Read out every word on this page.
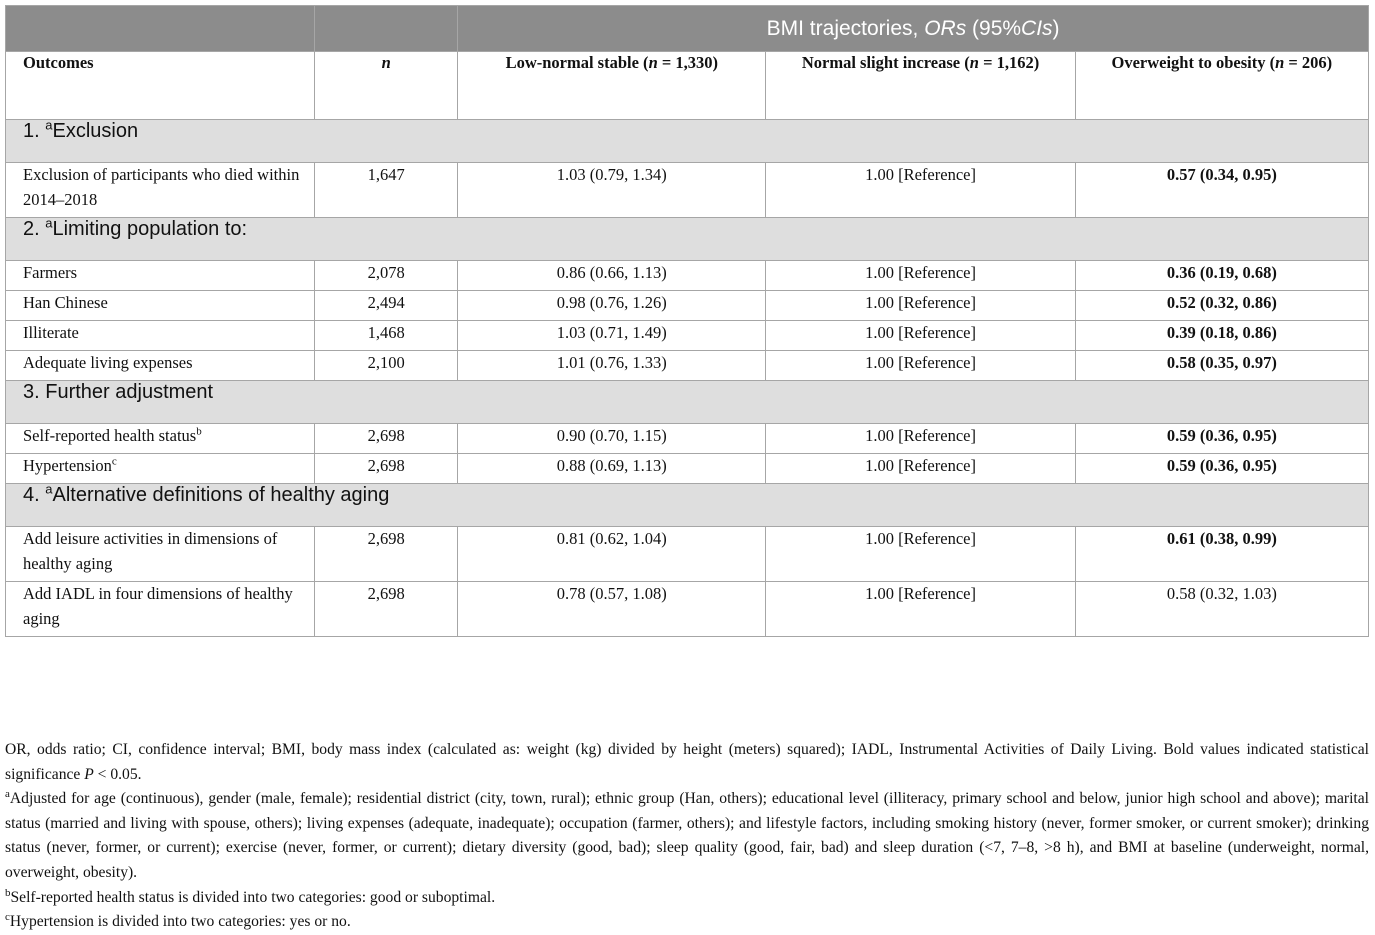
		BMI trajectories, ORs (95%CIs)		
Outcomes	n	Low-normal stable (n = 1,330)	Normal slight increase (n = 1,162)	Overweight to obesity (n = 206)
1. $^a$Exclusion				
Exclusion of participants who died within 2014–2018	1,647	1.03 (0.79, 1.34)	1.00 [Reference]	0.57 (0.34, 0.95)
2. $^a$Limiting population to:				
Farmers	2,078	0.86 (0.66, 1.13)	1.00 [Reference]	0.36 (0.19, 0.68)
Han Chinese	2,494	0.98 (0.76, 1.26)	1.00 [Reference]	0.52 (0.32, 0.86)
Illiterate	1,468	1.03 (0.71, 1.49)	1.00 [Reference]	0.39 (0.18, 0.86)
Adequate living expenses	2,100	1.01 (0.76, 1.33)	1.00 [Reference]	0.58 (0.35, 0.97)
3. Further adjustment				
Self-reported health status$^b$	2,698	0.90 (0.70, 1.15)	1.00 [Reference]	0.59 (0.36, 0.95)
Hypertension$^c$	2,698	0.88 (0.69, 1.13)	1.00 [Reference]	0.59 (0.36, 0.95)
4. $^a$Alternative definitions of healthy aging				
Add leisure activities in dimensions of healthy aging	2,698	0.81 (0.62, 1.04)	1.00 [Reference]	0.61 (0.38, 0.99)
Add IADL in four dimensions of healthy aging	2,698	0.78 (0.57, 1.08)	1.00 [Reference]	0.58 (0.32, 1.03)

OR, odds ratio; CI, confidence interval; BMI, body mass index (calculated as: weight (kg) divided by height (meters) squared); IADL, Instrumental Activities of Daily Living. Bold values indicated statistical significance P < 0.05.

$^a$Adjusted for age (continuous), gender (male, female); residential district (city, town, rural); ethnic group (Han, others); educational level (illiteracy, primary school and below, junior high school and above); marital status (married and living with spouse, others); living expenses (adequate, inadequate); occupation (farmer, others); and lifestyle factors, including smoking history (never, former smoker, or current smoker); drinking status (never, former, or current); exercise (never, former, or current); dietary diversity (good, bad); sleep quality (good, fair, bad) and sleep duration (<7, 7–8, >8 h), and BMI at baseline (underweight, normal, overweight, obesity).

$^b$Self-reported health status is divided into two categories: good or suboptimal.

$^c$Hypertension is divided into two categories: yes or no.
